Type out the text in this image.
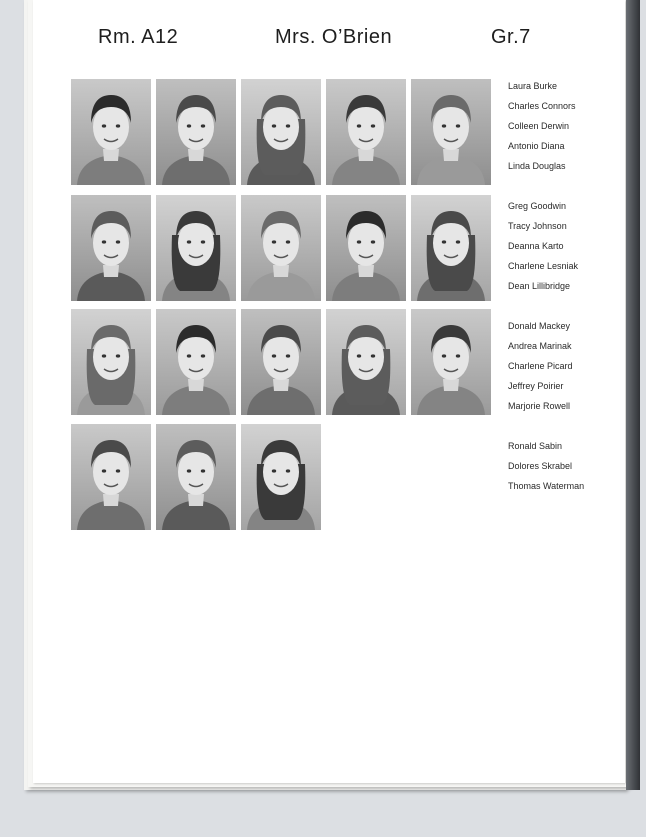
Rm. A12	Mrs. O’Brien	Gr.7
Laura Burke
Charles Connors
Colleen Derwin
Antonio Diana
Linda Douglas
Greg Goodwin
Tracy Johnson
Deanna Karto
Charlene Lesniak
Dean Lillibridge
Donald Mackey
Andrea Marinak
Charlene Picard
Jeffrey Poirier
Marjorie Rowell
Ronald Sabin
Dolores Skrabel
Thomas Waterman
